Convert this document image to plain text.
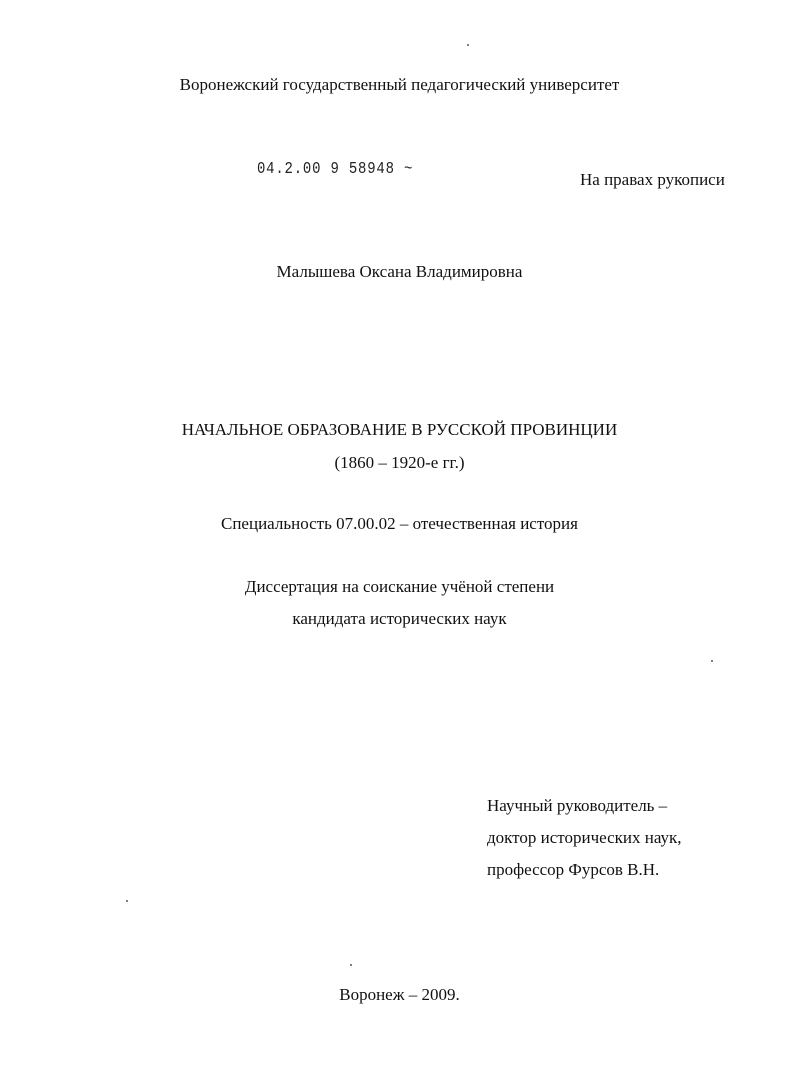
Воронежский государственный педагогический университет
04.2.00 9 58948 ~
На правах рукописи
Малышева Оксана Владимировна
НАЧАЛЬНОЕ ОБРАЗОВАНИЕ В РУССКОЙ ПРОВИНЦИИ
(1860 – 1920-е гг.)
Специальность 07.00.02 – отечественная история
Диссертация на соискание учёной степени
кандидата исторических наук
Научный руководитель –
доктор исторических наук,
профессор Фурсов В.Н.
Воронеж – 2009.
